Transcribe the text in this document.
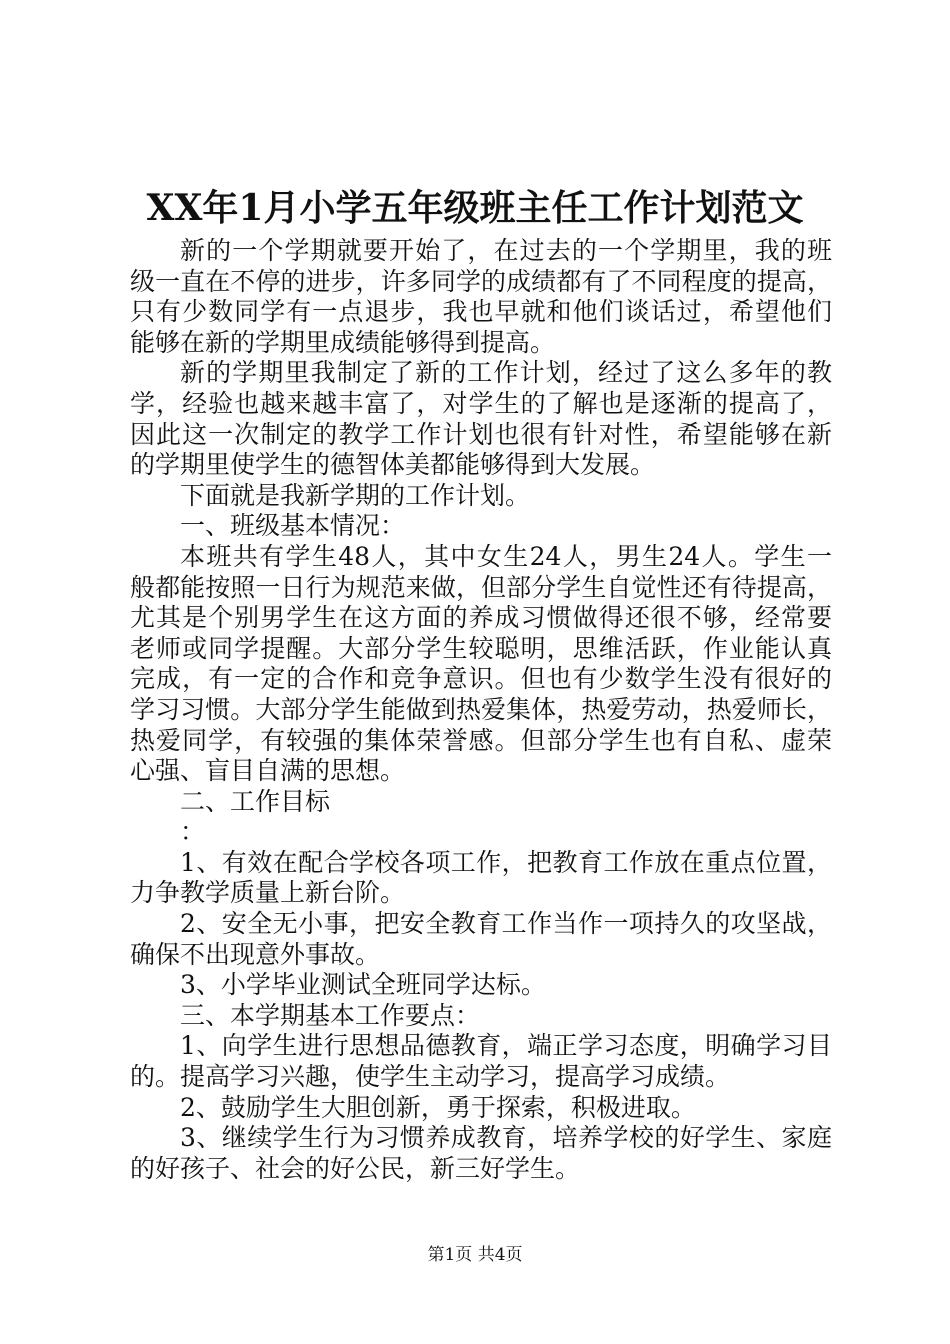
XX年1月小学五年级班主任工作计划范文
新的一个学期就要开始了，在过去的一个学期里，我的班
级一直在不停的进步，许多同学的成绩都有了不同程度的提高，
只有少数同学有一点退步，我也早就和他们谈话过，希望他们
能够在新的学期里成绩能够得到提高。
新的学期里我制定了新的工作计划，经过了这么多年的教
学，经验也越来越丰富了，对学生的了解也是逐渐的提高了，
因此这一次制定的教学工作计划也很有针对性，希望能够在新
的学期里使学生的德智体美都能够得到大发展。
下面就是我新学期的工作计划。
一、班级基本情况：
本班共有学生48人，其中女生24人，男生24人。学生一
般都能按照一日行为规范来做，但部分学生自觉性还有待提高，
尤其是个别男学生在这方面的养成习惯做得还很不够，经常要
老师或同学提醒。大部分学生较聪明，思维活跃，作业能认真
完成，有一定的合作和竞争意识。但也有少数学生没有很好的
学习习惯。大部分学生能做到热爱集体，热爱劳动，热爱师长，
热爱同学，有较强的集体荣誉感。但部分学生也有自私、虚荣
心强、盲目自满的思想。
二、工作目标
：
1、有效在配合学校各项工作，把教育工作放在重点位置，
力争教学质量上新台阶。
2、安全无小事，把安全教育工作当作一项持久的攻坚战，
确保不出现意外事故。
3、小学毕业测试全班同学达标。
三、本学期基本工作要点：
1、向学生进行思想品德教育，端正学习态度，明确学习目
的。提高学习兴趣，使学生主动学习，提高学习成绩。
2、鼓励学生大胆创新，勇于探索，积极进取。
3、继续学生行为习惯养成教育，培养学校的好学生、家庭
的好孩子、社会的好公民，新三好学生。
第1页 共4页
